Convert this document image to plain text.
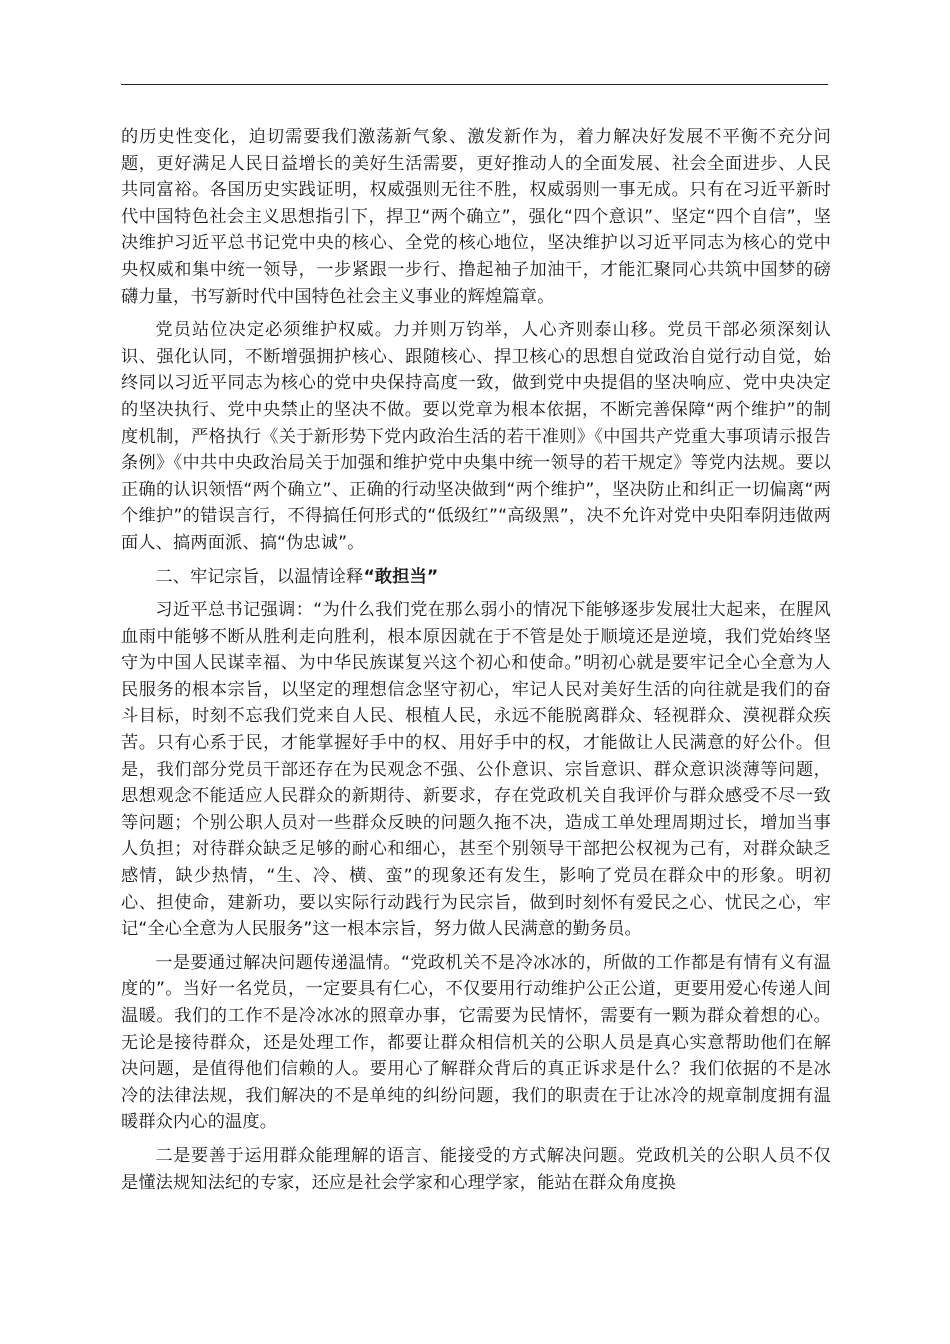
的历史性变化，迫切需要我们激荡新气象、激发新作为，着力解决好发展不平衡不充分问题，更好满足人民日益增长的美好生活需要，更好推动人的全面发展、社会全面进步、人民共同富裕。各国历史实践证明，权威强则无往不胜，权威弱则一事无成。只有在习近平新时代中国特色社会主义思想指引下，捍卫“两个确立”，强化“四个意识”、坚定“四个自信”，坚决维护习近平总书记党中央的核心、全党的核心地位，坚决维护以习近平同志为核心的党中央权威和集中统一领导，一步紧跟一步行、撸起袖子加油干，才能汇聚同心共筑中国梦的磅礴力量，书写新时代中国特色社会主义事业的辉煌篇章。

党员站位决定必须维护权威。力并则万钧举，人心齐则泰山移。党员干部必须深刻认识、强化认同，不断增强拥护核心、跟随核心、捍卫核心的思想自觉政治自觉行动自觉，始终同以习近平同志为核心的党中央保持高度一致，做到党中央提倡的坚决响应、党中央决定的坚决执行、党中央禁止的坚决不做。要以党章为根本依据，不断完善保障“两个维护”的制度机制，严格执行《关于新形势下党内政治生活的若干准则》《中国共产党重大事项请示报告条例》《中共中央政治局关于加强和维护党中央集中统一领导的若干规定》等党内法规。要以正确的认识领悟“两个确立”、正确的行动坚决做到“两个维护”，坚决防止和纠正一切偏离“两个维护”的错误言行，不得搞任何形式的“低级红”“高级黑”，决不允许对党中央阳奉阴违做两面人、搞两面派、搞“伪忠诚”。

二、牢记宗旨，以温情诠释“敢担当”

习近平总书记强调：“为什么我们党在那么弱小的情况下能够逐步发展壮大起来，在腥风血雨中能够不断从胜利走向胜利，根本原因就在于不管是处于顺境还是逆境，我们党始终坚守为中国人民谋幸福、为中华民族谋复兴这个初心和使命。”明初心就是要牢记全心全意为人民服务的根本宗旨，以坚定的理想信念坚守初心，牢记人民对美好生活的向往就是我们的奋斗目标，时刻不忘我们党来自人民、根植人民，永远不能脱离群众、轻视群众、漠视群众疾苦。只有心系于民，才能掌握好手中的权、用好手中的权，才能做让人民满意的好公仆。但是，我们部分党员干部还存在为民观念不强、公仆意识、宗旨意识、群众意识淡薄等问题，思想观念不能适应人民群众的新期待、新要求，存在党政机关自我评价与群众感受不尽一致等问题；个别公职人员对一些群众反映的问题久拖不决，造成工单处理周期过长，增加当事人负担；对待群众缺乏足够的耐心和细心，甚至个别领导干部把公权视为己有，对群众缺乏感情，缺少热情，“生、冷、横、蛮”的现象还有发生，影响了党员在群众中的形象。明初心、担使命，建新功，要以实际行动践行为民宗旨，做到时刻怀有爱民之心、忧民之心，牢记“全心全意为人民服务”这一根本宗旨，努力做人民满意的勤务员。

一是要通过解决问题传递温情。“党政机关不是冷冰冰的，所做的工作都是有情有义有温度的”。当好一名党员，一定要具有仁心，不仅要用行动维护公正公道，更要用爱心传递人间温暖。我们的工作不是冷冰冰的照章办事，它需要为民情怀，需要有一颗为群众着想的心。无论是接待群众，还是处理工作，都要让群众相信机关的公职人员是真心实意帮助他们在解决问题，是值得他们信赖的人。要用心了解群众背后的真正诉求是什么？我们依据的不是冰冷的法律法规，我们解决的不是单纯的纠纷问题，我们的职责在于让冰冷的规章制度拥有温暖群众内心的温度。

二是要善于运用群众能理解的语言、能接受的方式解决问题。党政机关的公职人员不仅是懂法规知法纪的专家，还应是社会学家和心理学家，能站在群众角度换
